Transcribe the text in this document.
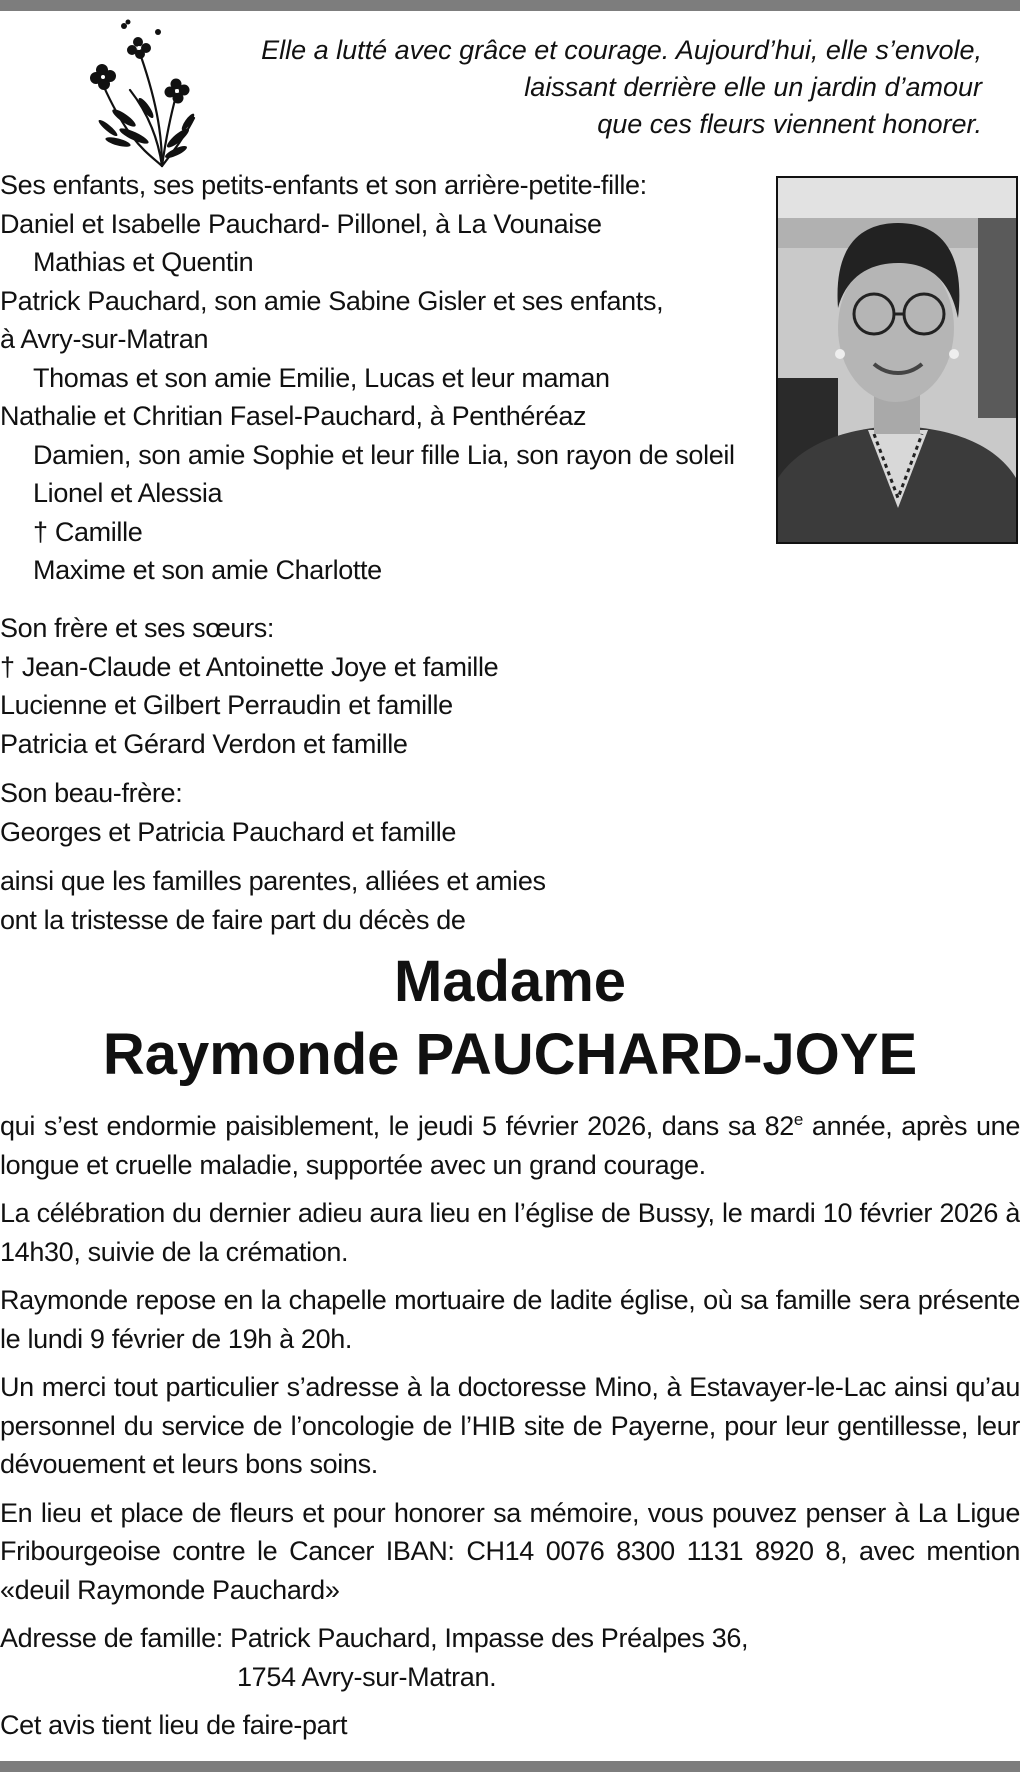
Elle a lutté avec grâce et courage. Aujourd’hui, elle s’envole,
laissant derrière elle un jardin d’amour
que ces fleurs viennent honorer.
Ses enfants, ses petits-enfants et son arrière-petite-fille:
Daniel et Isabelle Pauchard- Pillonel, à La Vounaise
Mathias et Quentin
Patrick Pauchard, son amie Sabine Gisler et ses enfants,
à Avry-sur-Matran
Thomas et son amie Emilie, Lucas et leur maman
Nathalie et Chritian Fasel-Pauchard, à Penthéréaz
Damien, son amie Sophie et leur fille Lia, son rayon de soleil
Lionel et Alessia
† Camille
Maxime et son amie Charlotte
Son frère et ses sœurs:
† Jean-Claude et Antoinette Joye et famille
Lucienne et Gilbert Perraudin et famille
Patricia et Gérard Verdon et famille
Son beau-frère:
Georges et Patricia Pauchard et famille
ainsi que les familles parentes, alliées et amies
ont la tristesse de faire part du décès de
Madame
Raymonde PAUCHARD-JOYE

qui s’est endormie paisiblement, le jeudi 5 février 2026, dans sa 82e année, après une longue et cruelle maladie, supportée avec un grand courage.

La célébration du dernier adieu aura lieu en l’église de Bussy, le mardi 10 février 2026 à 14h30, suivie de la crémation.

Raymonde repose en la chapelle mortuaire de ladite église, où sa famille sera présente le lundi 9 février de 19h à 20h.

Un merci tout particulier s’adresse à la doctoresse Mino, à Estavayer-le-Lac ainsi qu’au personnel du service de l’oncologie de l’HIB site de Payerne, pour leur gentillesse, leur dévouement et leurs bons soins.

En lieu et place de fleurs et pour honorer sa mémoire, vous pouvez penser à La Ligue Fribourgeoise contre le Cancer IBAN: CH14 0076 8300 1131 8920 8, avec mention «deuil Raymonde Pauchard»

Adresse de famille: Patrick Pauchard, Impasse des Préalpes 36,

1754 Avry-sur-Matran.

Cet avis tient lieu de faire-part
